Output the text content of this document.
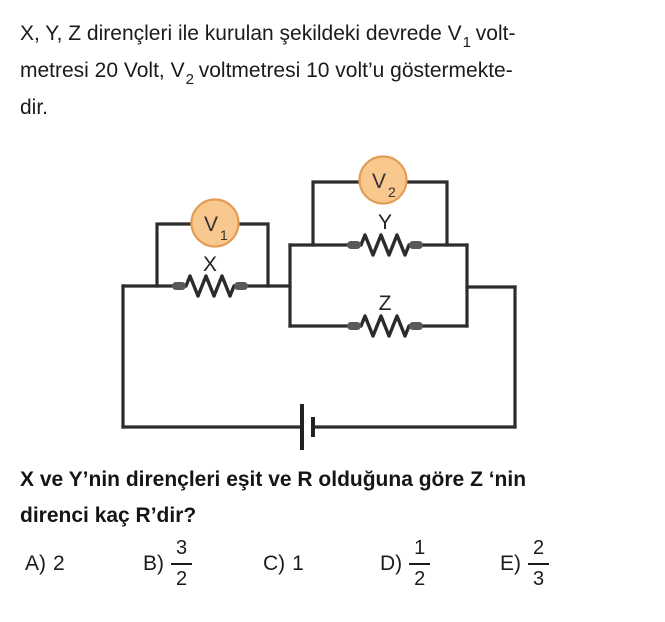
X, Y, Z dirençleri ile kurulan şekildeki devrede $V_1$ volt-
metresi 20 Volt, $V_2$ voltmetresi 10 volt’u göstermekte-
dir.
X
Y
Z
V 1
V 2
X ve Y’nin dirençleri eşit ve R olduğuna göre Z ‘nin
direnci kaç R’dir?
A) 2	$B) \frac{3}{2}$	C) 1	$D) \frac{1}{2}$	$E) \frac{2}{3}$
